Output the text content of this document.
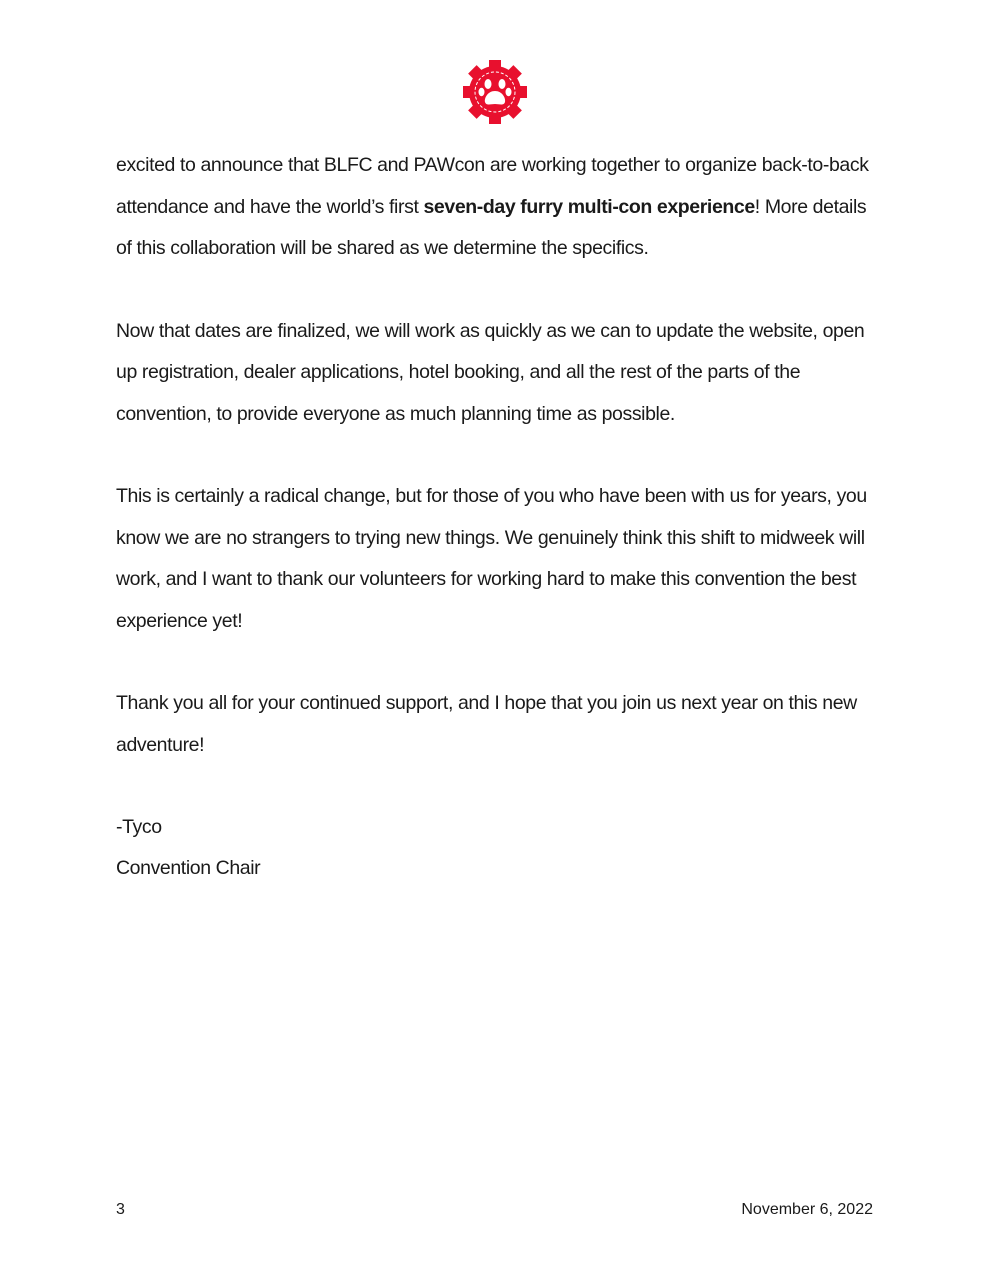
excited to announce that BLFC and PAWcon are working together to organize back-to-back attendance and have the world’s first seven-day furry multi-con experience! More details of this collaboration will be shared as we determine the specifics.

Now that dates are finalized, we will work as quickly as we can to update the website, open up registration, dealer applications, hotel booking, and all the rest of the parts of the convention, to provide everyone as much planning time as possible.

This is certainly a radical change, but for those of you who have been with us for years, you know we are no strangers to trying new things. We genuinely think this shift to midweek will work, and I want to thank our volunteers for working hard to make this convention the best experience yet!

Thank you all for your continued support, and I hope that you join us next year on this new adventure!

-Tyco

Convention Chair

3	November 6, 2022
